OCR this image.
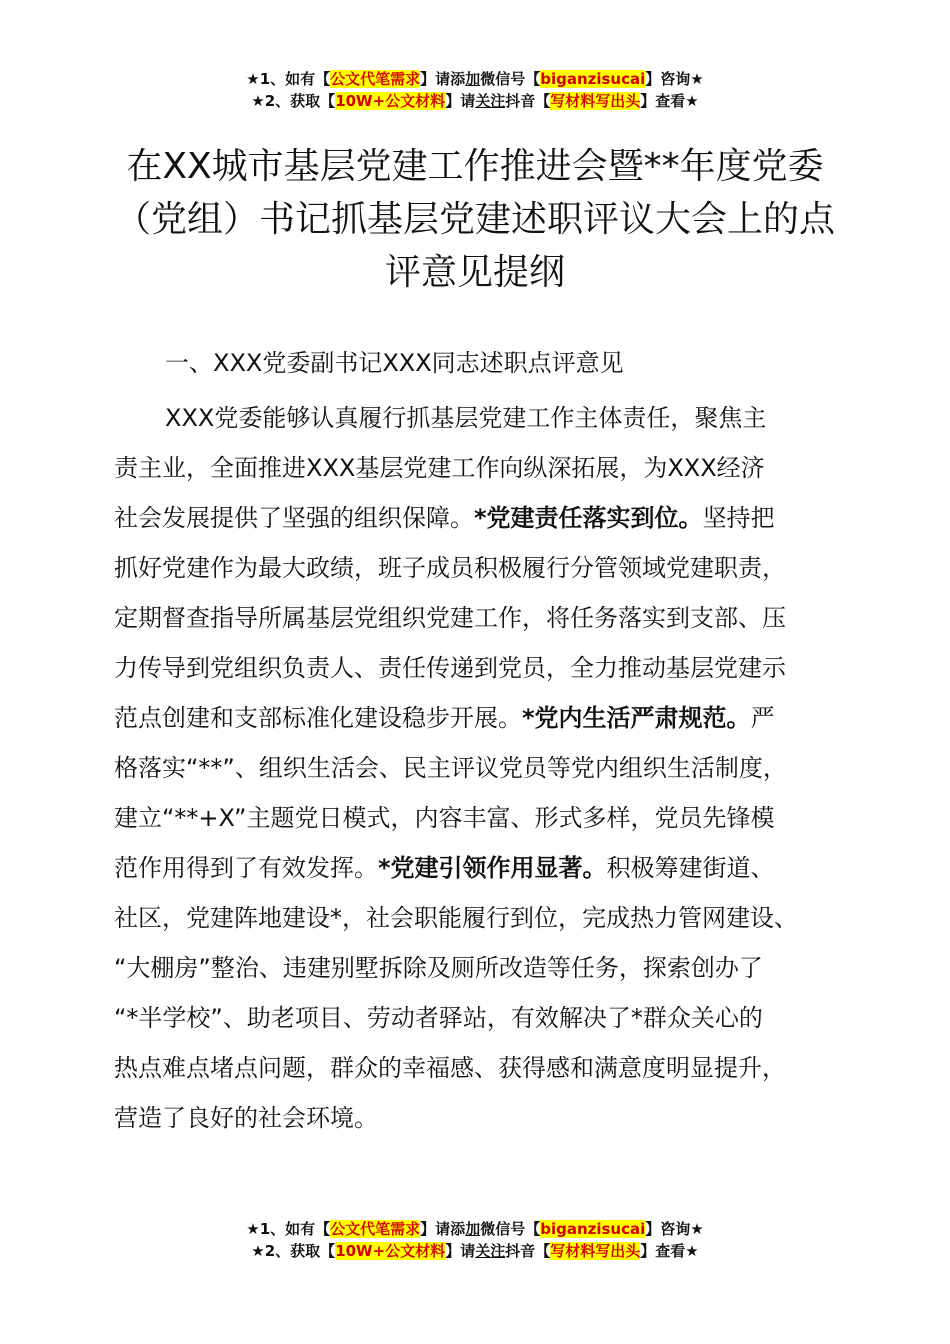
★1、如有【公文代笔需求】请添加微信号【biganzisucai】咨询★
★2、获取【10W+公文材料】请关注抖音【写材料写出头】查看★
在XX城市基层党建工作推进会暨**年度党委
（党组）书记抓基层党建述职评议大会上的点
评意见提纲

一、XXX党委副书记XXX同志述职点评意见

XXX党委能够认真履行抓基层党建工作主体责任，聚焦主
责主业，全面推进XXX基层党建工作向纵深拓展，为XXX经济
社会发展提供了坚强的组织保障。*党建责任落实到位。坚持把
抓好党建作为最大政绩，班子成员积极履行分管领域党建职责，
定期督查指导所属基层党组织党建工作，将任务落实到支部、压
力传导到党组织负责人、责任传递到党员，全力推动基层党建示
范点创建和支部标准化建设稳步开展。*党内生活严肃规范。严
格落实“**”、组织生活会、民主评议党员等党内组织生活制度，
建立“**+X”主题党日模式，内容丰富、形式多样，党员先锋模
范作用得到了有效发挥。*党建引领作用显著。积极筹建街道、
社区，党建阵地建设*，社会职能履行到位，完成热力管网建设、
“大棚房”整治、违建别墅拆除及厕所改造等任务，探索创办了
“*半学校”、助老项目、劳动者驿站，有效解决了*群众关心的
热点难点堵点问题，群众的幸福感、获得感和满意度明显提升，
营造了良好的社会环境。
★1、如有【公文代笔需求】请添加微信号【biganzisucai】咨询★
★2、获取【10W+公文材料】请关注抖音【写材料写出头】查看★
